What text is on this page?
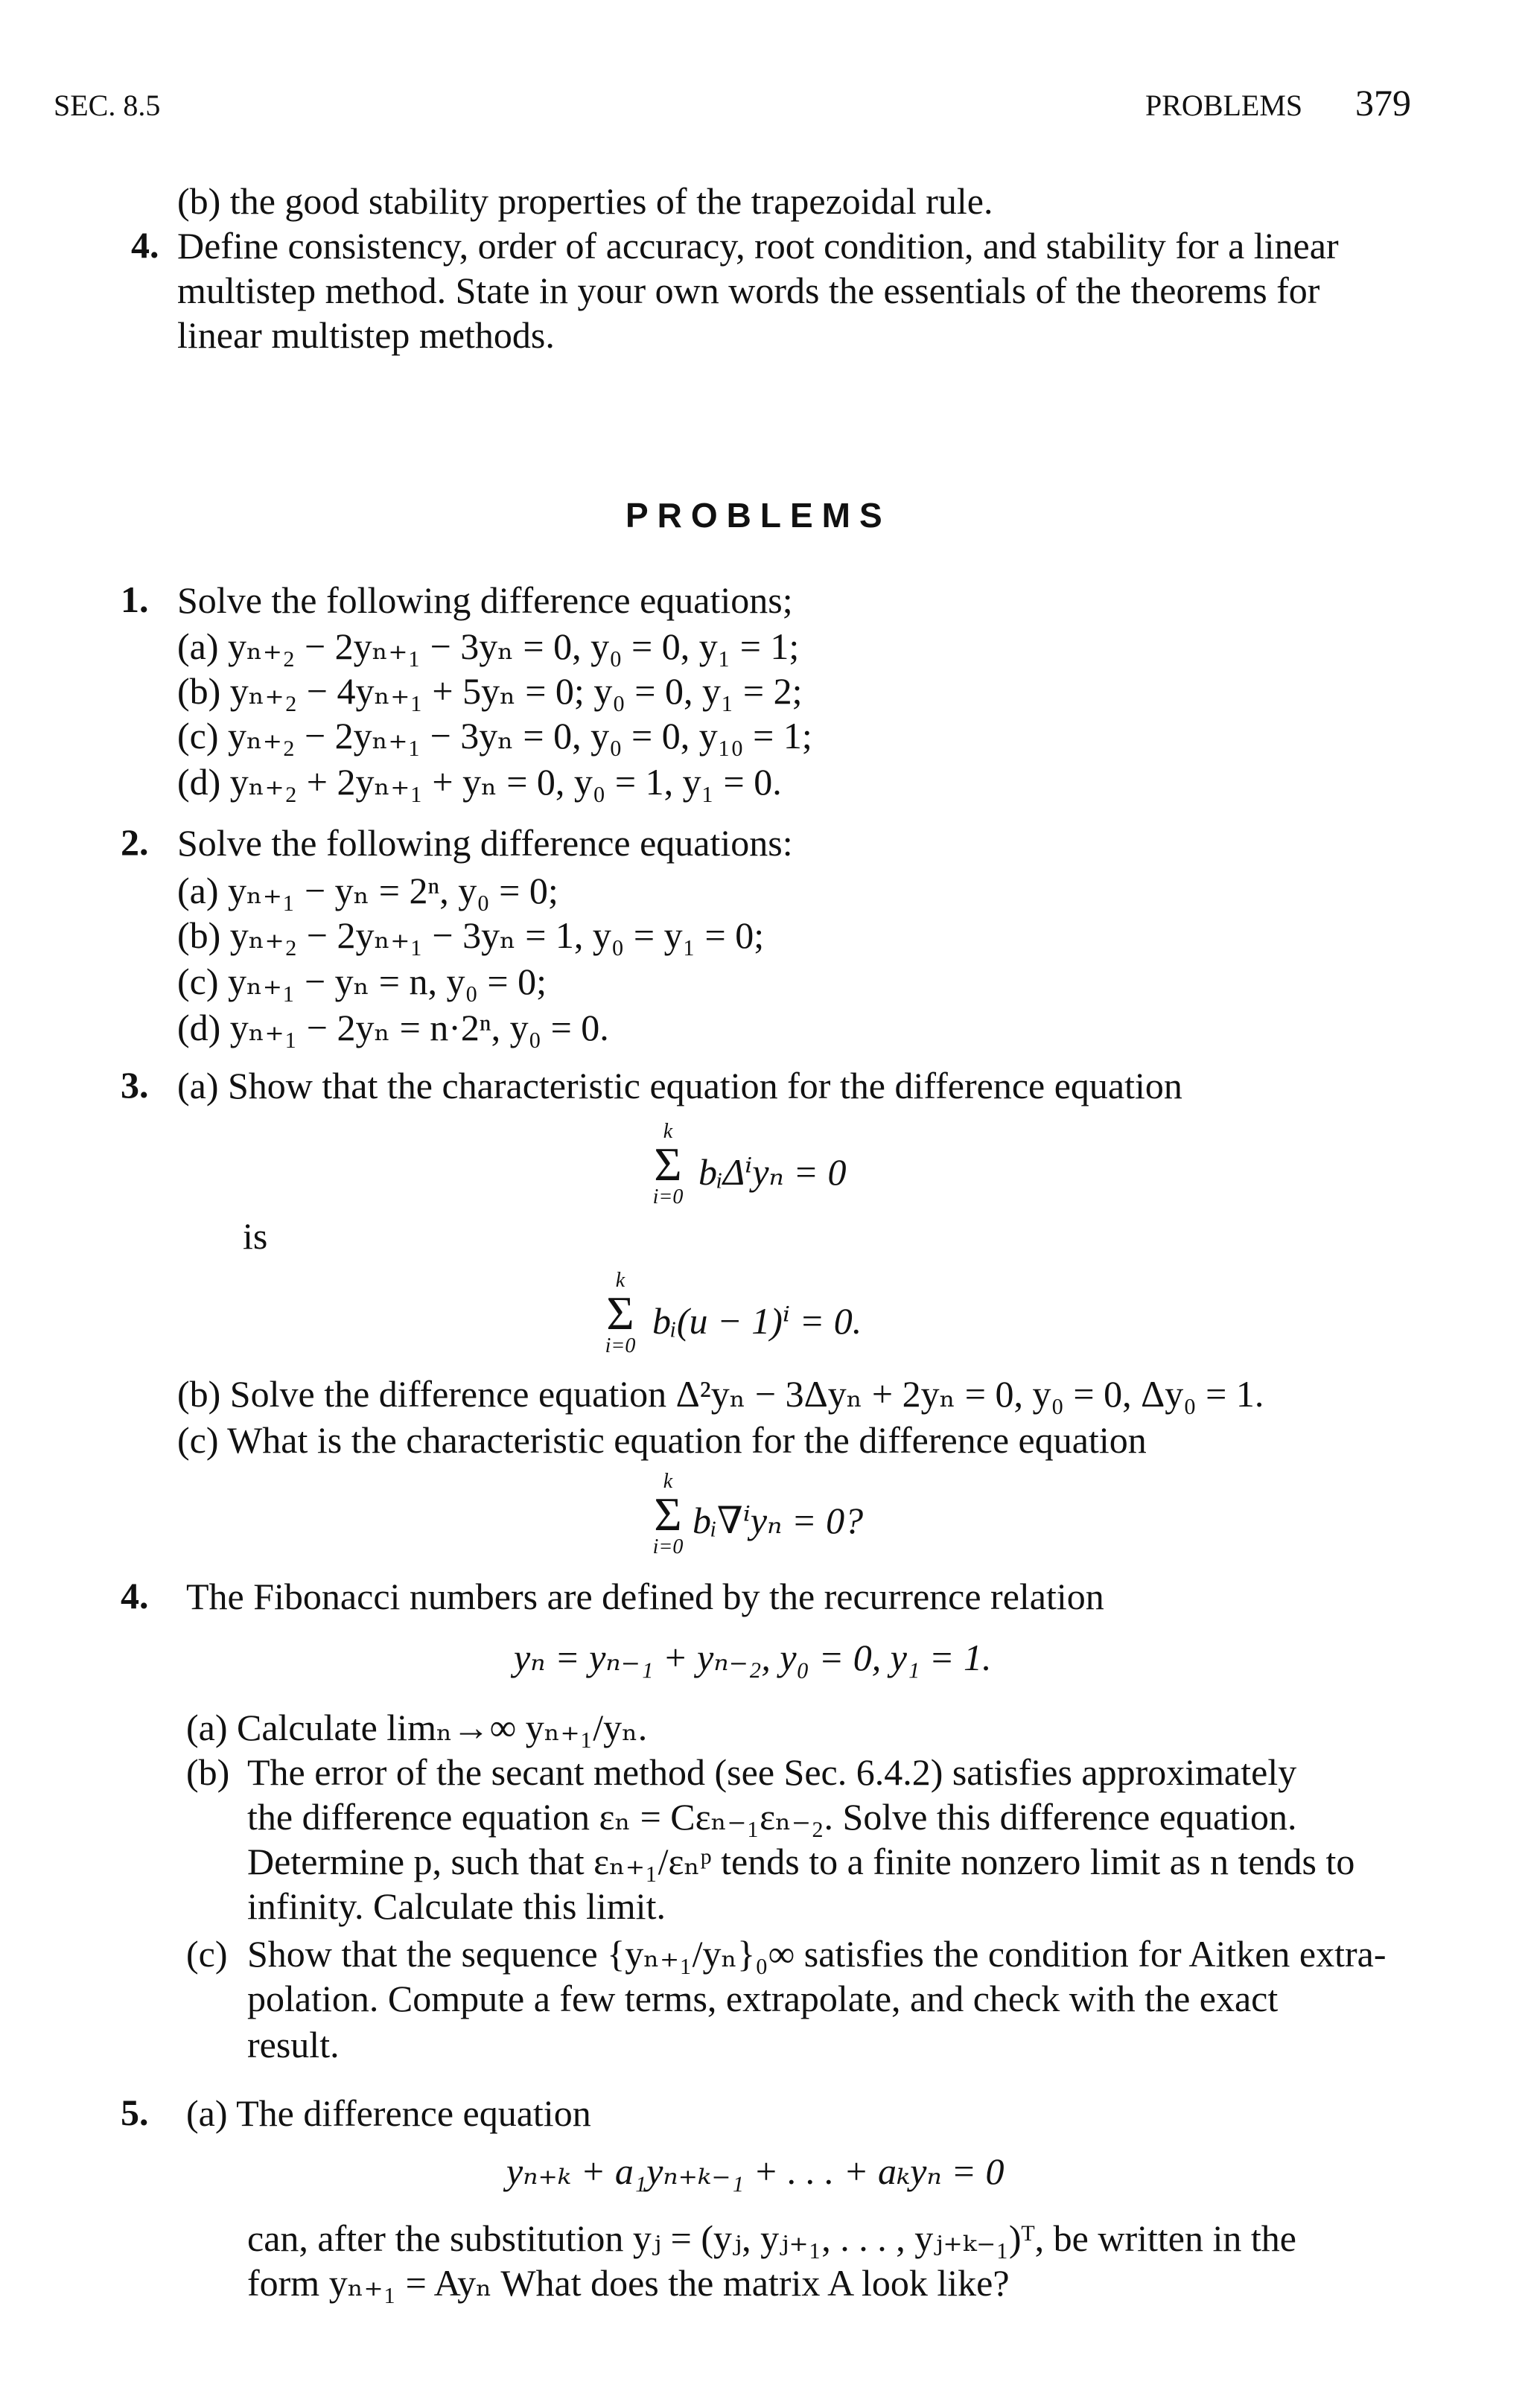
SEC. 8.5	PROBLEMS 379
(b) the good stability properties of the trapezoidal rule.
4. Define consistency, order of accuracy, root condition, and stability for a linear
multistep method. State in your own words the essentials of the theorems for
linear multistep methods.
PROBLEMS
1. Solve the following difference equations;
(a) yₙ₊₂ − 2yₙ₊₁ − 3yₙ = 0, y₀ = 0, y₁ = 1;
(b) yₙ₊₂ − 4yₙ₊₁ + 5yₙ = 0; y₀ = 0, y₁ = 2;
(c) yₙ₊₂ − 2yₙ₊₁ − 3yₙ = 0, y₀ = 0, y₁₀ = 1;
(d) yₙ₊₂ + 2yₙ₊₁ + yₙ = 0, y₀ = 1, y₁ = 0.
2. Solve the following difference equations:
(a) yₙ₊₁ − yₙ = 2ⁿ, y₀ = 0;
(b) yₙ₊₂ − 2yₙ₊₁ − 3yₙ = 1, y₀ = y₁ = 0;
(c) yₙ₊₁ − yₙ = n, y₀ = 0;
(d) yₙ₊₁ − 2yₙ = n·2ⁿ, y₀ = 0.
3. (a) Show that the characteristic equation for the difference equation
k
Σ
i=0
bᵢΔⁱyₙ = 0
is
k
Σ
i=0
bᵢ(u − 1)ⁱ = 0.
(b) Solve the difference equation Δ²yₙ − 3Δyₙ + 2yₙ = 0, y₀ = 0, Δy₀ = 1.
(c) What is the characteristic equation for the difference equation
k
Σ
i=0
bᵢ∇ⁱyₙ = 0?
4. The Fibonacci numbers are defined by the recurrence relation
yₙ = yₙ₋₁ + yₙ₋₂, y₀ = 0, y₁ = 1.
(a) Calculate limₙ→∞ yₙ₊₁/yₙ.
(b) The error of the secant method (see Sec. 6.4.2) satisfies approximately
the difference equation εₙ = Cεₙ₋₁εₙ₋₂. Solve this difference equation.
Determine p, such that εₙ₊₁/εₙᵖ tends to a finite nonzero limit as n tends to
infinity. Calculate this limit.
(c) Show that the sequence {yₙ₊₁/yₙ}₀∞ satisfies the condition for Aitken extra-
polation. Compute a few terms, extrapolate, and check with the exact
result.
5. (a) The difference equation
yₙ₊ₖ + a₁yₙ₊ₖ₋₁ + . . . + aₖyₙ = 0
can, after the substitution yⱼ = (yⱼ, yⱼ₊₁, . . . , yⱼ₊ₖ₋₁)ᵀ, be written in the
form yₙ₊₁ = Ayₙ What does the matrix A look like?
